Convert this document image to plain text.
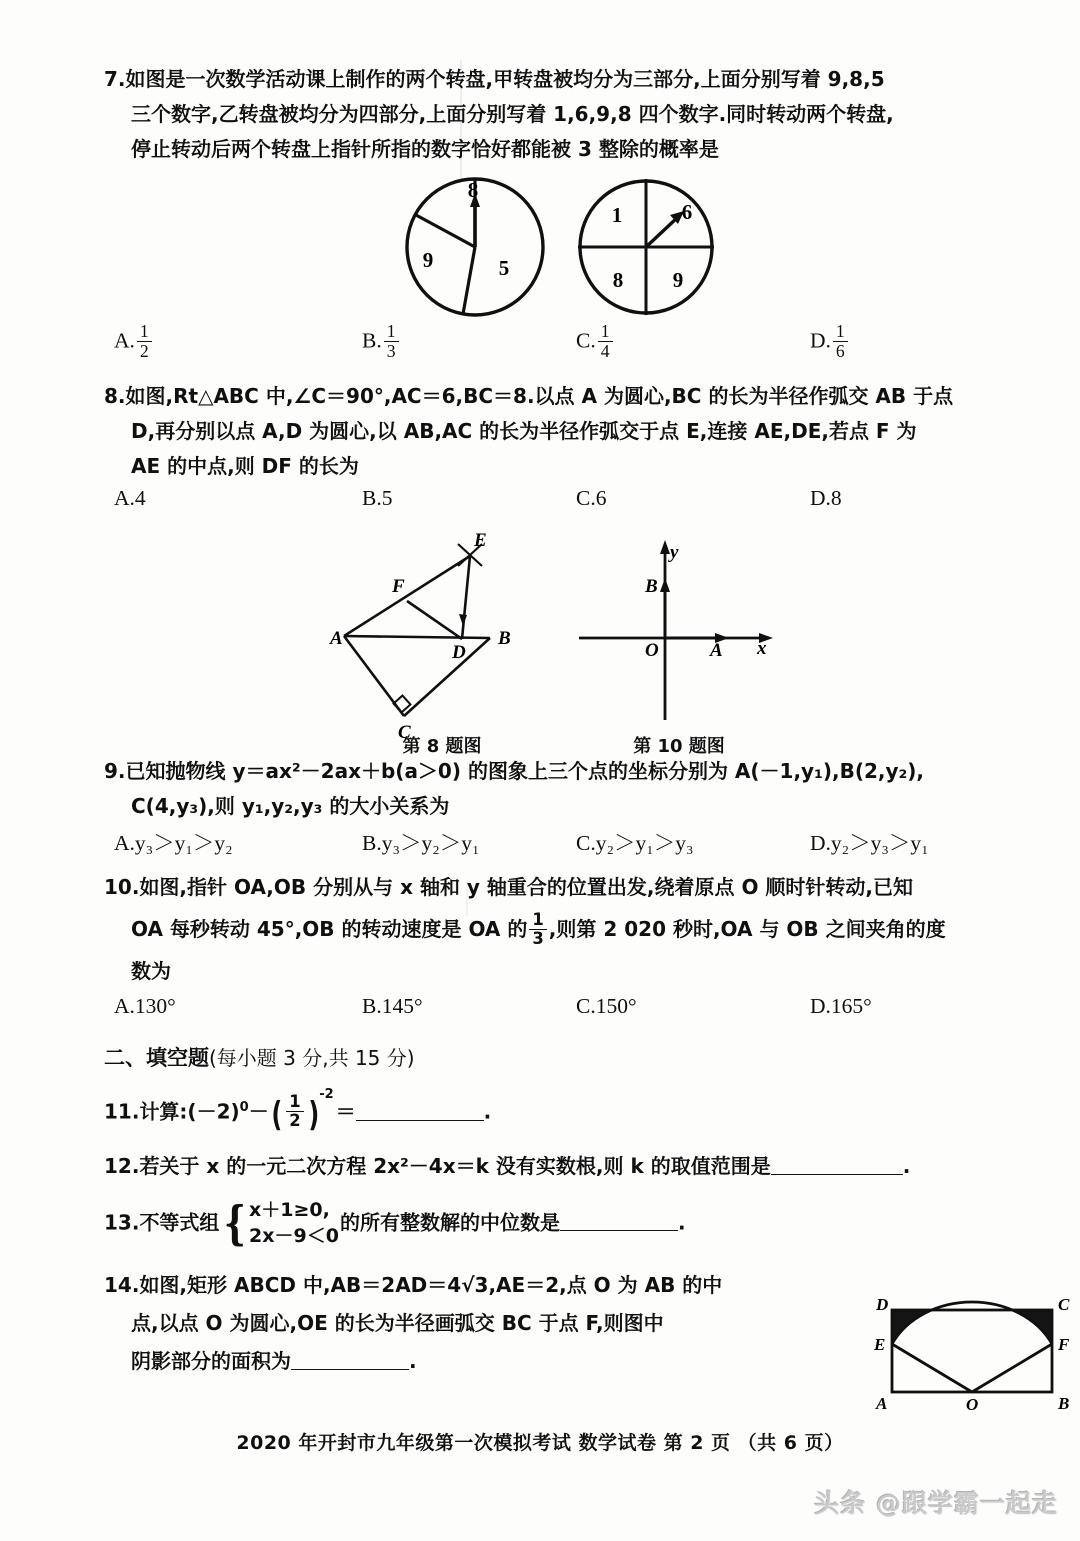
7.如图是一次数学活动课上制作的两个转盘,甲转盘被均分为三部分,上面分别写着 9,8,5
三个数字,乙转盘被均分为四部分,上面分别写着 1,6,9,8 四个数字.同时转动两个转盘,
停止转动后两个转盘上指针所指的数字恰好都能被 3 整除的概率是
8
9	5
1	6
8 9
A. $\frac{1}{2}$	B. $\frac{1}{3}$	C. $\frac{1}{4}$	D. $\frac{1}{6}$
8.如图,Rt△ABC 中,∠C＝90°,AC＝6,BC＝8.以点 A 为圆心,BC 的长为半径作弧交 AB 于点
D,再分别以点 A,D 为圆心,以 AB,AC 的长为半径作弧交于点 E,连接 AE,DE,若点 F 为
AE 的中点,则 DF 的长为
A.4	B.5	C.6	D.8
A	B
C
D
E
F
第 8 题图
y
x
O	A
B
第 10 题图
9.已知抛物线 y＝ax²－2ax＋b(a＞0) 的图象上三个点的坐标分别为 A(－1,y₁),B(2,y₂),
C(4,y₃),则 y₁,y₂,y₃ 的大小关系为
A.y₃＞y₁＞y₂	B.y₃＞y₂＞y₁	C.y₂＞y₁＞y₃	D.y₂＞y₃＞y₁
10.如图,指针 OA,OB 分别从与 x 轴和 y 轴重合的位置出发,绕着原点 O 顺时针转动,已知
OA 每秒转动 45°,OB 的转动速度是 OA 的 $\frac{1}{3}$ ,则第 2 020 秒时,OA 与 OB 之间夹角的度
数为
A.130°	B.145°	C.150°	D.165°
二、填空题(每小题 3 分,共 15 分)
11.计算$:(-2)^0-( \frac{1}{2} )^{-2}=$	.
12.若关于 x 的一元二次方程 2x²－4x＝k 没有实数根,则 k 的取值范围是	.
13.不等式组 { x＋1≥0,
2x－9＜0
的所有整数解的中位数是	.
14.如图,矩形 ABCD 中,AB＝2AD＝4√3,AE＝2,点 O 为 AB 的中
点,以点 O 为圆心,OE 的长为半径画弧交 BC 于点 F,则图中
阴影部分的面积为	.
D	C
E	F
A	B
O
2020 年开封市九年级第一次模拟考试 数学试卷 第 2 页 （共 6 页）
头条 @跟学霸一起走
